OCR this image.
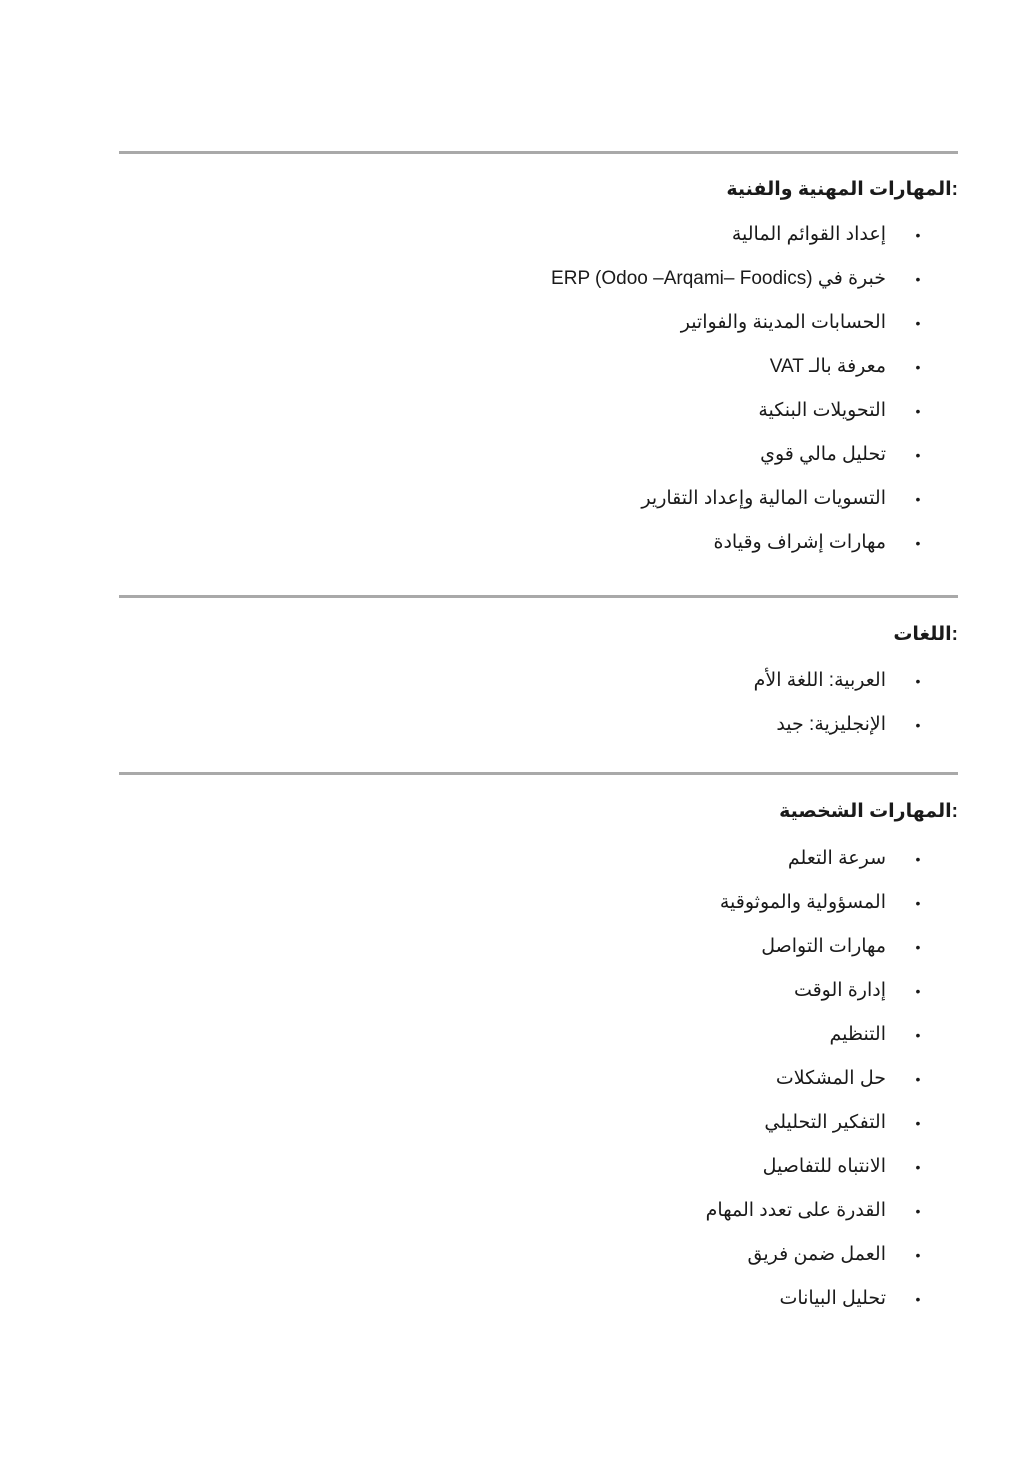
:المهارات المهنية والفنية
•
إعداد القوائم المالية
•
خبرة في ERP (Odoo –Arqami– Foodics)
•
الحسابات المدينة والفواتير
•
معرفة بالـ VAT
•
التحويلات البنكية
•
تحليل مالي قوي
•
التسويات المالية وإعداد التقارير
•
مهارات إشراف وقيادة
:اللغات
•
العربية: اللغة الأم
•
الإنجليزية: جيد
:المهارات الشخصية
•
سرعة التعلم
•
المسؤولية والموثوقية
•
مهارات التواصل
•
إدارة الوقت
•
التنظيم
•
حل المشكلات
•
التفكير التحليلي
•
الانتباه للتفاصيل
•
القدرة على تعدد المهام
•
العمل ضمن فريق
•
تحليل البيانات
